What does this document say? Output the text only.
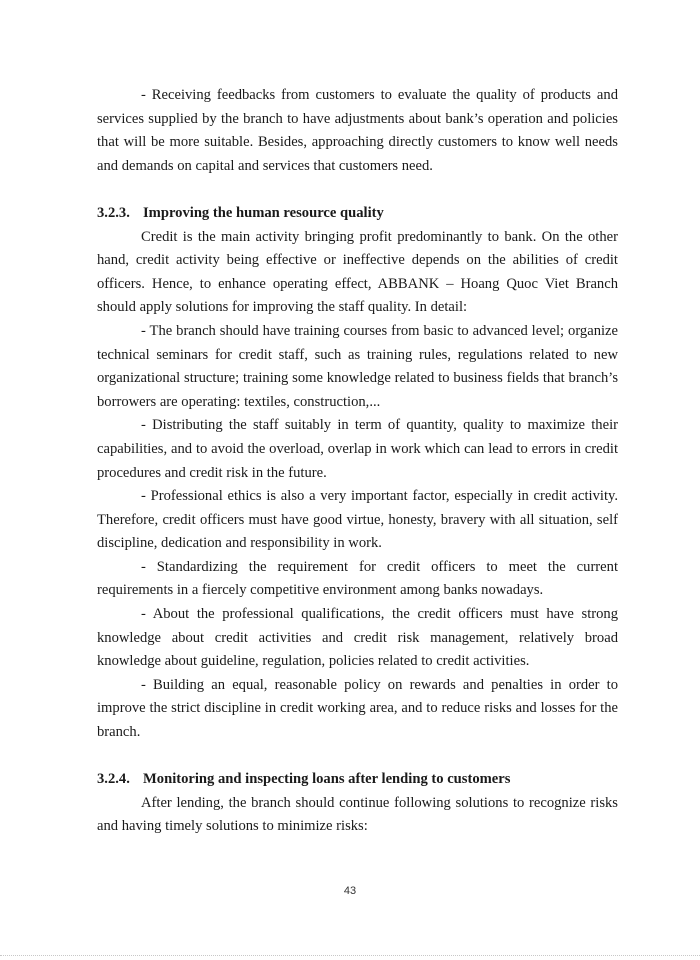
- Receiving feedbacks from customers to evaluate the quality of products and services supplied by the branch to have adjustments about bank’s operation and policies that will be more suitable. Besides, approaching directly customers to know well needs and demands on capital and services that customers need.

3.2.3. Improving the human resource quality

Credit is the main activity bringing profit predominantly to bank. On the other hand, credit activity being effective or ineffective depends on the abilities of credit officers. Hence, to enhance operating effect, ABBANK – Hoang Quoc Viet Branch should apply solutions for improving the staff quality. In detail:

- The branch should have training courses from basic to advanced level; organize technical seminars for credit staff, such as training rules, regulations related to new organizational structure; training some knowledge related to business fields that branch’s borrowers are operating: textiles, construction,...

- Distributing the staff suitably in term of quantity, quality to maximize their capabilities, and to avoid the overload, overlap in work which can lead to errors in credit procedures and credit risk in the future.

- Professional ethics is also a very important factor, especially in credit activity. Therefore, credit officers must have good virtue, honesty, bravery with all situation, self discipline, dedication and responsibility in work.

- Standardizing the requirement for credit officers to meet the current requirements in a fiercely competitive environment among banks nowadays.

- About the professional qualifications, the credit officers must have strong knowledge about credit activities and credit risk management, relatively broad knowledge about guideline, regulation, policies related to credit activities.

- Building an equal, reasonable policy on rewards and penalties in order to improve the strict discipline in credit working area, and to reduce risks and losses for the branch.

3.2.4. Monitoring and inspecting loans after lending to customers

After lending, the branch should continue following solutions to recognize risks and having timely solutions to minimize risks:

43
